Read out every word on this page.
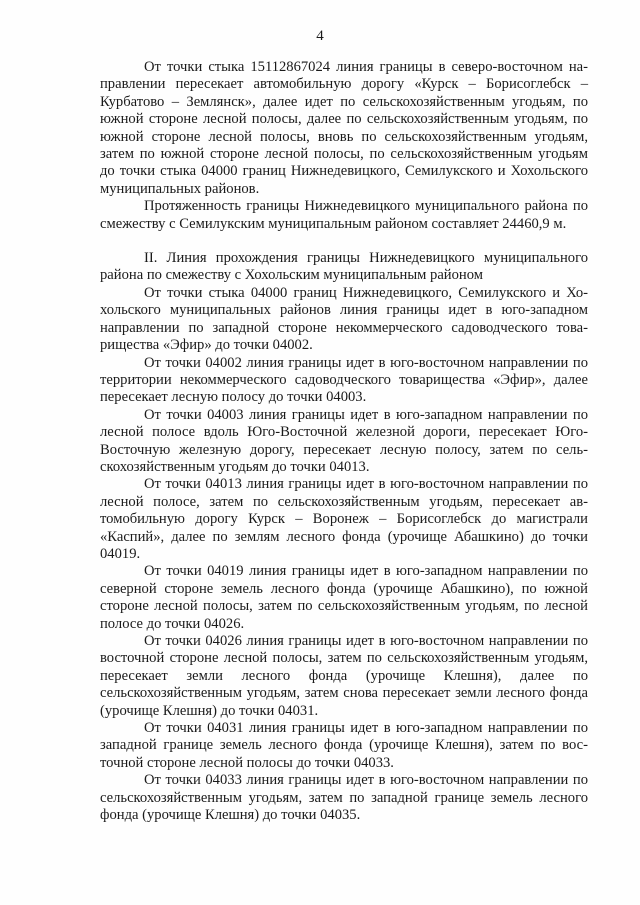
4

От точки стыка 15112867024 линия границы в северо-восточном направлении пересекает автомобильную дорогу «Курск – Борисоглебск – Курбатово – Землянск», далее идет по сельскохозяйственным угодьям, по южной стороне лесной полосы, далее по сельскохозяйственным угодьям, по южной стороне лесной полосы, вновь по сельскохозяйственным угодьям, затем по южной стороне лесной полосы, по сельскохозяйственным угодьям до точки стыка 04000 границ Нижнедевицкого, Семилукского и Хохольского муниципальных районов.

Протяженность границы Нижнедевицкого муниципального района по смежеству с Семилукским муниципальным районом составляет 24460,9 м.

II. Линия прохождения границы Нижнедевицкого муниципального района по смежеству с Хохольским муниципальным районом

От точки стыка 04000 границ Нижнедевицкого, Семилукского и Хохольского муниципальных районов линия границы идет в юго-западном направлении по западной стороне некоммерческого садоводческого товарищества «Эфир» до точки 04002.

От точки 04002 линия границы идет в юго-восточном направлении по территории некоммерческого садоводческого товарищества «Эфир», далее пересекает лесную полосу до точки 04003.

От точки 04003 линия границы идет в юго-западном направлении по лесной полосе вдоль Юго-Восточной железной дороги, пересекает Юго-Восточную железную дорогу, пересекает лесную полосу, затем по сельскохозяйственным угодьям до точки 04013.

От точки 04013 линия границы идет в юго-восточном направлении по лесной полосе, затем по сельскохозяйственным угодьям, пересекает автомобильную дорогу Курск – Воронеж – Борисоглебск до магистрали «Каспий», далее по землям лесного фонда (урочище Абашкино) до точки 04019.

От точки 04019 линия границы идет в юго-западном направлении по северной стороне земель лесного фонда (урочище Абашкино), по южной стороне лесной полосы, затем по сельскохозяйственным угодьям, по лесной полосе до точки 04026.

От точки 04026 линия границы идет в юго-восточном направлении по восточной стороне лесной полосы, затем по сельскохозяйственным угодьям, пересекает земли лесного фонда (урочище Клешня), далее по сельскохозяйственным угодьям, затем снова пересекает земли лесного фонда (урочище Клешня) до точки 04031.

От точки 04031 линия границы идет в юго-западном направлении по западной границе земель лесного фонда (урочище Клешня), затем по восточной стороне лесной полосы до точки 04033.

От точки 04033 линия границы идет в юго-восточном направлении по сельскохозяйственным угодьям, затем по западной границе земель лесного фонда (урочище Клешня) до точки 04035.
